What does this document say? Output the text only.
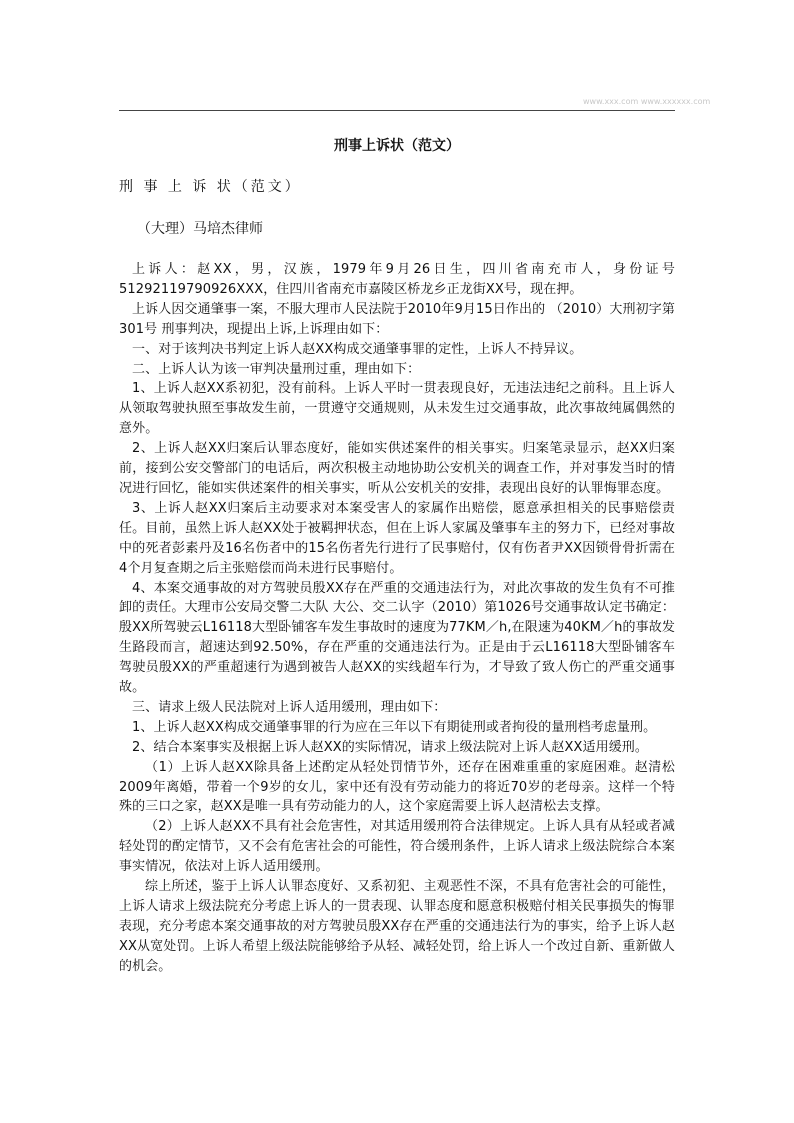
www.xxx.com www.xxxxxx.com
刑事上诉状（范文）
刑 事 上 诉 状（范文）
（大理）马培杰律师

上诉人：赵XX，男，汉族，1979年9月26日生，四川省南充市人，身份证号51292119790926XXX，住四川省南充市嘉陵区桥龙乡正龙街XX号，现在押。

上诉人因交通肇事一案，不服大理市人民法院于2010年9月15日作出的 （2010）大刑初字第301号 刑事判决，现提出上诉,上诉理由如下：

一、对于该判决书判定上诉人赵XX构成交通肇事罪的定性，上诉人不持异议。

二、上诉人认为该一审判决量刑过重，理由如下：

1、上诉人赵XX系初犯，没有前科。上诉人平时一贯表现良好，无违法违纪之前科。且上诉人从领取驾驶执照至事故发生前，一贯遵守交通规则，从未发生过交通事故，此次事故纯属偶然的意外。

2、上诉人赵XX归案后认罪态度好，能如实供述案件的相关事实。归案笔录显示，赵XX归案前，接到公安交警部门的电话后，两次积极主动地协助公安机关的调查工作，并对事发当时的情况进行回忆，能如实供述案件的相关事实，听从公安机关的安排，表现出良好的认罪悔罪态度。

3、上诉人赵XX归案后主动要求对本案受害人的家属作出赔偿，愿意承担相关的民事赔偿责任。目前，虽然上诉人赵XX处于被羁押状态，但在上诉人家属及肇事车主的努力下，已经对事故中的死者彭素丹及16名伤者中的15名伤者先行进行了民事赔付，仅有伤者尹XX因锁骨骨折需在4个月复查期之后主张赔偿而尚未进行民事赔付。

4、本案交通事故的对方驾驶员殷XX存在严重的交通违法行为，对此次事故的发生负有不可推卸的责任。大理市公安局交警二大队 大公、交二认字（2010）第1026号交通事故认定书确定：殷XX所驾驶云L16118大型卧铺客车发生事故时的速度为77KM／h,在限速为40KM／h的事故发生路段而言，超速达到92.50%，存在严重的交通违法行为。正是由于云L16118大型卧铺客车驾驶员殷XX的严重超速行为遇到被告人赵XX的实线超车行为，才导致了致人伤亡的严重交通事故。

三、请求上级人民法院对上诉人适用缓刑，理由如下：

1、上诉人赵XX构成交通肇事罪的行为应在三年以下有期徒刑或者拘役的量刑档考虑量刑。

2、结合本案事实及根据上诉人赵XX的实际情况，请求上级法院对上诉人赵XX适用缓刑。

（1）上诉人赵XX除具备上述酌定从轻处罚情节外，还存在困难重重的家庭困难。赵清松2009年离婚，带着一个9岁的女儿，家中还有没有劳动能力的将近70岁的老母亲。这样一个特殊的三口之家，赵XX是唯一具有劳动能力的人，这个家庭需要上诉人赵清松去支撑。

（2）上诉人赵XX不具有社会危害性，对其适用缓刑符合法律规定。上诉人具有从轻或者减轻处罚的酌定情节，又不会有危害社会的可能性，符合缓刑条件，上诉人请求上级法院综合本案事实情况，依法对上诉人适用缓刑。

综上所述，鉴于上诉人认罪态度好、又系初犯、主观恶性不深，不具有危害社会的可能性，上诉人请求上级法院充分考虑上诉人的一贯表现、认罪态度和愿意积极赔付相关民事损失的悔罪表现，充分考虑本案交通事故的对方驾驶员殷XX存在严重的交通违法行为的事实，给予上诉人赵XX从宽处罚。上诉人希望上级法院能够给予从轻、减轻处罚，给上诉人一个改过自新、重新做人的机会。
